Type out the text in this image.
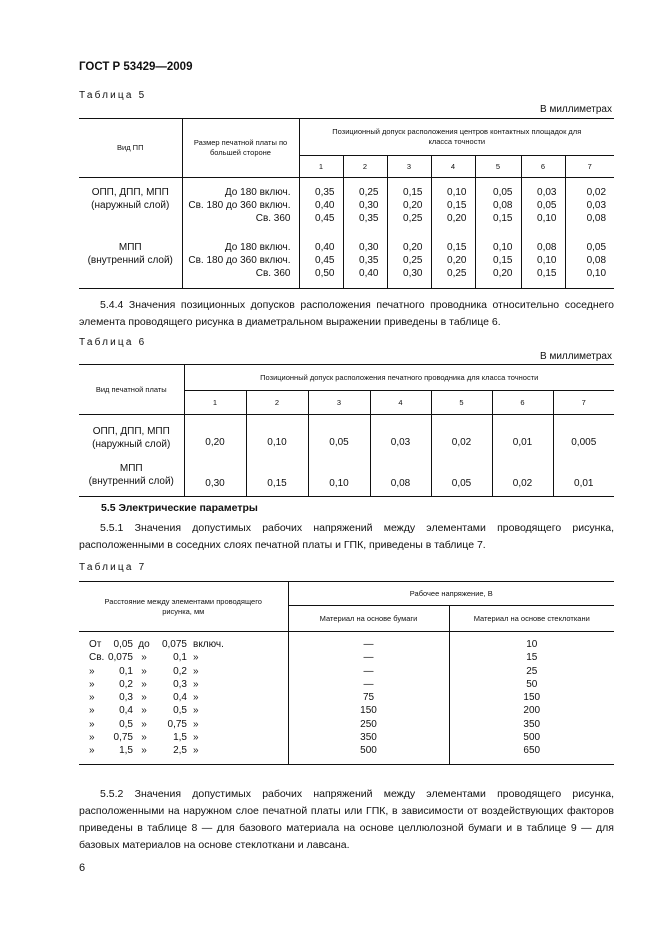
ГОСТ Р 53429—2009
Таблица 5
В миллиметрах
Вид ПП	Размер печатной платы по большей стороне	Позиционный допуск расположения центров контактных площадок для класса точности						
		1	2	3	4	5	6	7

ОПП, ДПП, МПП
(наружный слой)	До 180 включ.	0,35	0,25	0,15	0,10	0,05	0,03	0,02
	Св. 180 до 360 включ.	0,40	0,30	0,20	0,15	0,08	0,05	0,03
	Св. 360	0,45	0,35	0,25	0,20	0,15	0,10	0,08

МПП
(внутренний слой)	До 180 включ.	0,40	0,30	0,20	0,15	0,10	0,08	0,05
	Св. 180 до 360 включ.	0,45	0,35	0,25	0,20	0,15	0,10	0,08
	Св. 360	0,50	0,40	0,30	0,25	0,20	0,15	0,10
5.4.4 Значения позиционных допусков расположения печатного проводника относительно соседнего элемента проводящего рисунка в диаметральном выражении приведены в таблице 6.
Таблица 6
В миллиметрах
Вид печатной платы	Позиционный допуск расположения печатного проводника для класса точности						
	1	2	3	4	5	6	7

ОПП, ДПП, МПП
(наружный слой)	0,20	0,10	0,05	0,03	0,02	0,01	0,005

МПП
(внутренний слой)	0,30	0,15	0,10	0,08	0,05	0,02	0,01
5.5 Электрические параметры
5.5.1 Значения допустимых рабочих напряжений между элементами проводящего рисунка, расположенными в соседних слоях печатной платы и ГПК, приведены в таблице 7.
Таблица 7
Расстояние между элементами проводящего рисунка, мм	Рабочее напряжение, В	
	Материал на основе бумаги	Материал на основе стеклоткани
От 0,05 до 0,075 включ.	—	10
Св. 0,075 » 0,1 »	—	15
» 0,1 » 0,2 »	—	25
» 0,2 » 0,3 »	—	50
» 0,3 » 0,4 »	75	150
» 0,4 » 0,5 »	150	200
» 0,5 » 0,75 »	250	350
» 0,75 » 1,5 »	350	500
» 1,5 » 2,5 »	500	650
5.5.2 Значения допустимых рабочих напряжений между элементами проводящего рисунка, расположенными на наружном слое печатной платы или ГПК, в зависимости от воздействующих факторов приведены в таблице 8 — для базового материала на основе целлюлозной бумаги и в таблице 9 — для базовых материалов на основе стеклоткани и лавсана.
6
